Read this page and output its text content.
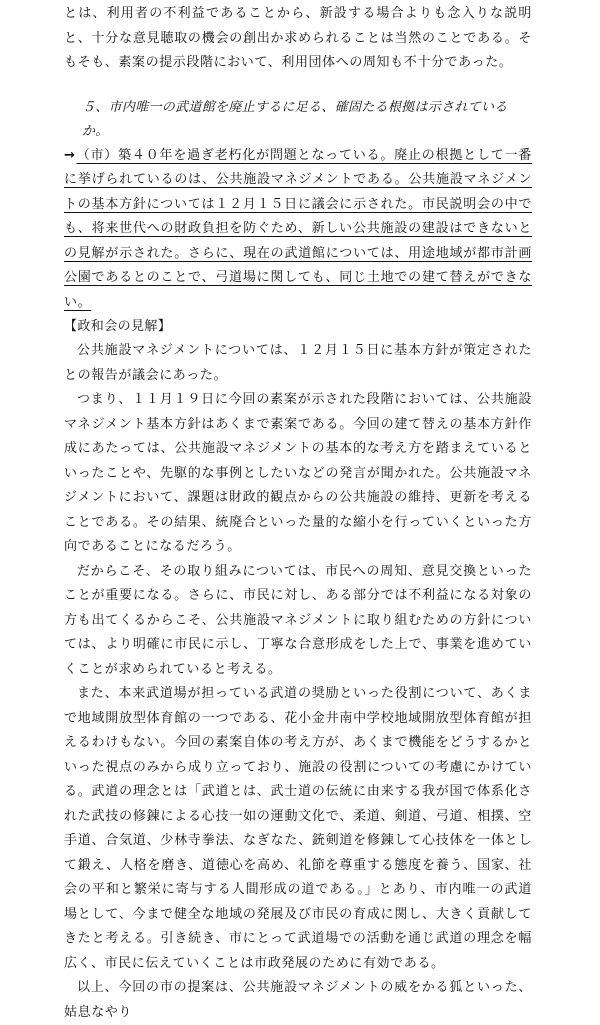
とは、利用者の不利益であることから、新設する場合よりも念入りな説明と、十分な意見聴取の機会の創出か求められることは当然のことである。そもそも、素案の提示段階において、利用団体への周知も不十分であった。

５、市内唯一の武道館を廃止するに足る、確固たる根拠は示されているか。

→（市）築４０年を過ぎ老朽化が問題となっている。廃止の根拠として一番に挙げられているのは、公共施設マネジメントである。公共施設マネジメントの基本方針については１２月１５日に議会に示された。市民説明会の中でも、将来世代への財政負担を防ぐため、新しい公共施設の建設はできないとの見解が示された。さらに、現在の武道館については、用途地域が都市計画公園であるとのことで、弓道場に関しても、同じ土地での建て替えができない。

【政和会の見解】

公共施設マネジメントについては、１２月１５日に基本方針が策定されたとの報告が議会にあった。

つまり、１１月１９日に今回の素案が示された段階においては、公共施設マネジメント基本方針はあくまで素案である。今回の建て替えの基本方針作成にあたっては、公共施設マネジメントの基本的な考え方を踏まえているといったことや、先駆的な事例としたいなどの発言が聞かれた。公共施設マネジメントにおいて、課題は財政的観点からの公共施設の維持、更新を考えることである。その結果、統廃合といった量的な縮小を行っていくといった方向であることになるだろう。

だからこそ、その取り組みについては、市民への周知、意見交換といったことが重要になる。さらに、市民に対し、ある部分では不利益になる対象の方も出てくるからこそ、公共施設マネジメントに取り組むための方針については、より明確に市民に示し、丁寧な合意形成をした上で、事業を進めていくことが求められていると考える。

また、本来武道場が担っている武道の奨励といった役割について、あくまで地域開放型体育館の一つである、花小金井南中学校地域開放型体育館が担えるわけもない。今回の素案自体の考え方が、あくまで機能をどうするかといった視点のみから成り立っており、施設の役割についての考慮にかけている。武道の理念とは「武道とは、武士道の伝統に由来する我が国で体系化された武技の修錬による心技一如の運動文化で、柔道、剣道、弓道、相撲、空手道、合気道、少林寺拳法、なぎなた、銃剣道を修錬して心技体を一体として鍛え、人格を磨き、道徳心を高め、礼節を尊重する態度を養う、国家、社会の平和と繁栄に寄与する人間形成の道である。」とあり、市内唯一の武道場として、今まで健全な地域の発展及び市民の育成に関し、大きく貢献してきたと考える。引き続き、市にとって武道場での活動を通じ武道の理念を幅広く、市民に伝えていくことは市政発展のために有効である。

以上、今回の市の提案は、公共施設マネジメントの威をかる狐といった、姑息なやり
